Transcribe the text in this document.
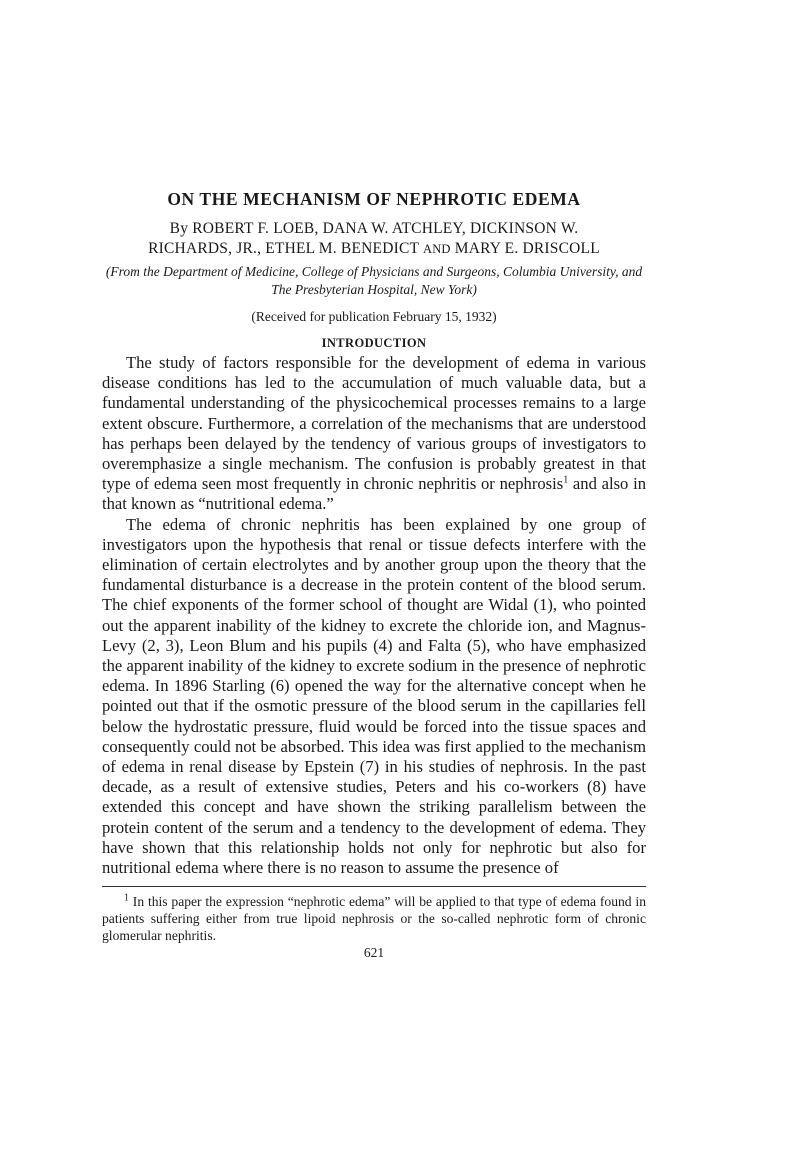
ON THE MECHANISM OF NEPHROTIC EDEMA
By ROBERT F. LOEB, DANA W. ATCHLEY, DICKINSON W.
RICHARDS, JR., ETHEL M. BENEDICT AND MARY E. DRISCOLL

(From the Department of Medicine, College of Physicians and Surgeons, Columbia University, and The Presbyterian Hospital, New York)

(Received for publication February 15, 1932)

INTRODUCTION

The study of factors responsible for the development of edema in various disease conditions has led to the accumulation of much valuable data, but a fundamental understanding of the physicochemical processes remains to a large extent obscure. Furthermore, a correlation of the mechanisms that are understood has perhaps been delayed by the tendency of various groups of investigators to overemphasize a single mechanism. The confusion is probably greatest in that type of edema seen most frequently in chronic nephritis or nephrosis$^1$ and also in that known as “nutritional edema.”

The edema of chronic nephritis has been explained by one group of investigators upon the hypothesis that renal or tissue defects interfere with the elimination of certain electrolytes and by another group upon the theory that the fundamental disturbance is a decrease in the protein content of the blood serum. The chief exponents of the former school of thought are Widal (1), who pointed out the apparent inability of the kidney to excrete the chloride ion, and Magnus-Levy (2, 3), Leon Blum and his pupils (4) and Falta (5), who have emphasized the apparent inability of the kidney to excrete sodium in the presence of nephrotic edema. In 1896 Starling (6) opened the way for the alternative concept when he pointed out that if the osmotic pressure of the blood serum in the capillaries fell below the hydrostatic pressure, fluid would be forced into the tissue spaces and consequently could not be absorbed. This idea was first applied to the mechanism of edema in renal disease by Epstein (7) in his studies of nephrosis. In the past decade, as a result of extensive studies, Peters and his co-workers (8) have extended this concept and have shown the striking parallelism between the protein content of the serum and a tendency to the development of edema. They have shown that this relationship holds not only for nephrotic but also for nutritional edema where there is no reason to assume the presence of

$^1$ In this paper the expression “nephrotic edema” will be applied to that type of edema found in patients suffering either from true lipoid nephrosis or the so-called nephrotic form of chronic glomerular nephritis.

621
